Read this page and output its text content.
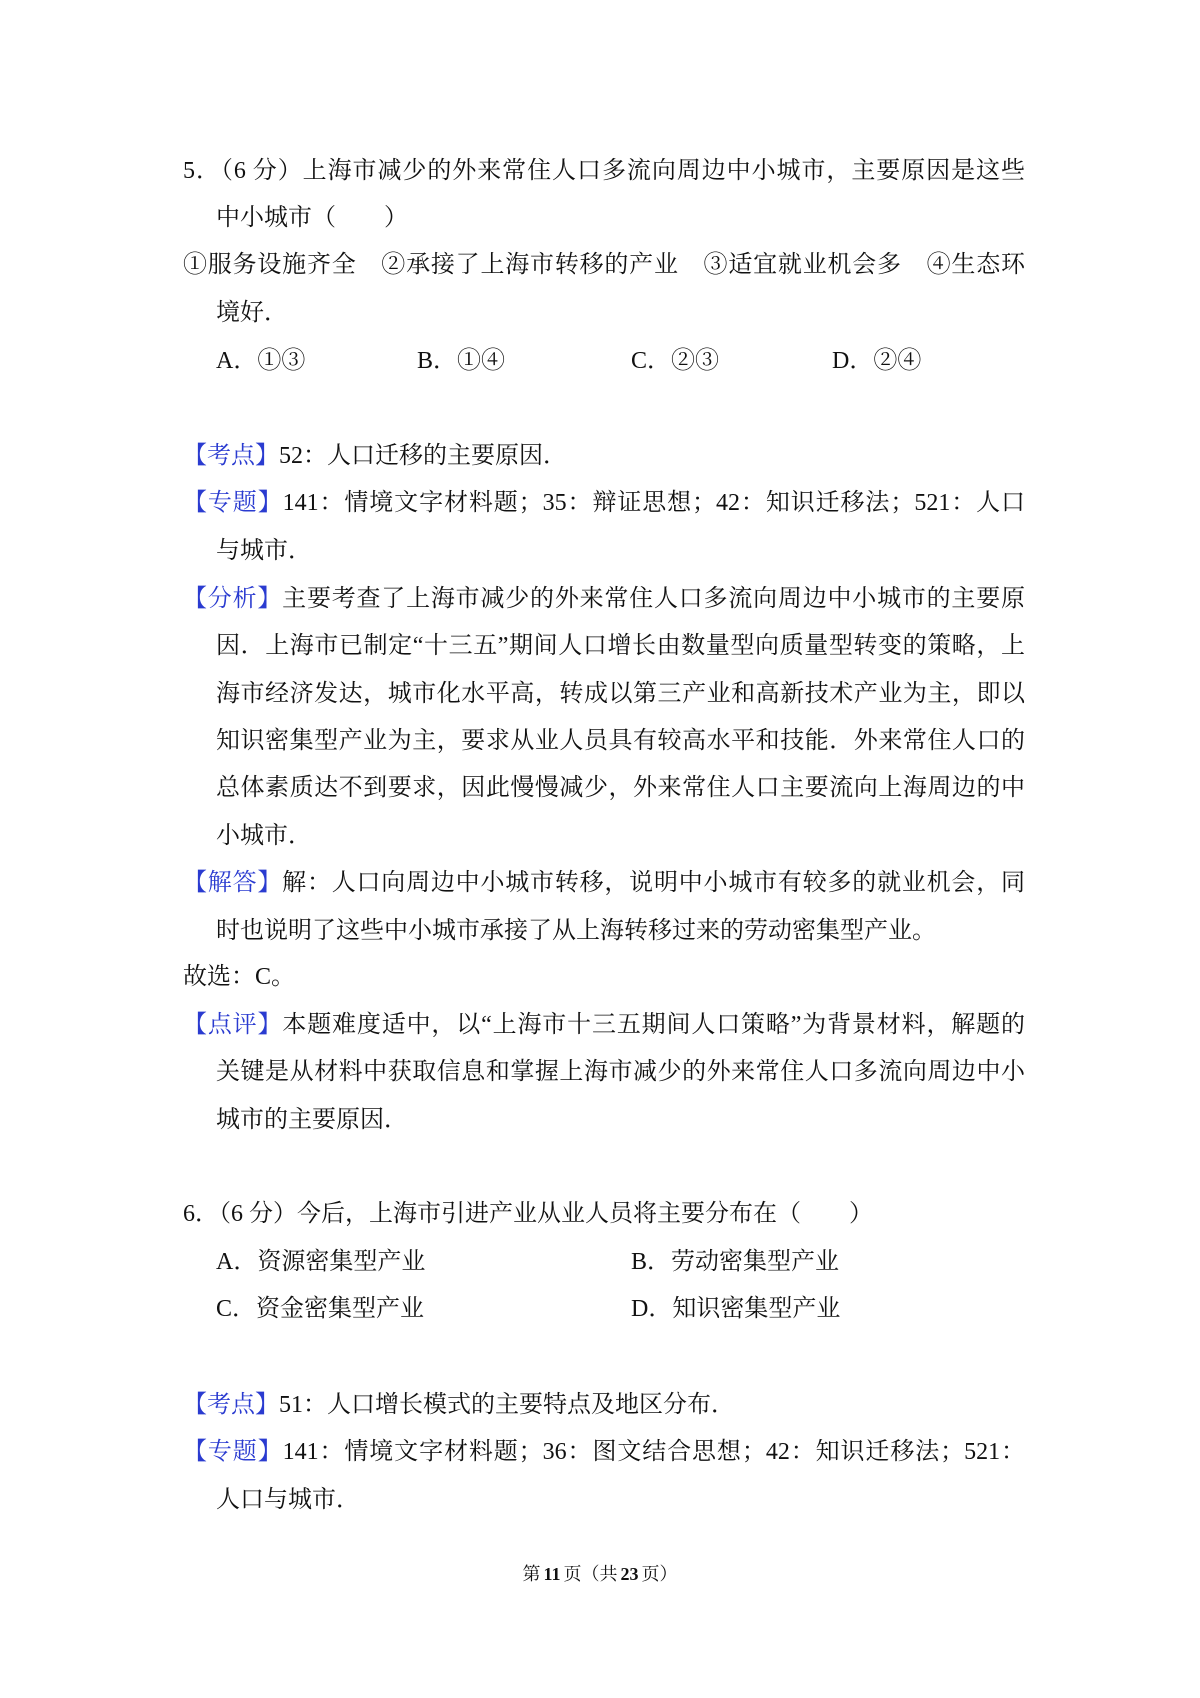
5．（6 分）上海市减少的外来常住人口多流向周边中小城市，主要原因是这些
中小城市（　　）
①服务设施齐全　②承接了上海市转移的产业　③适宜就业机会多　④生态环
境好．
A．①③	B．①④	C．②③	D．②④
【考点】52：人口迁移的主要原因．
【专题】141：情境文字材料题；35：辩证思想；42：知识迁移法；521：人口
与城市．
【分析】主要考查了上海市减少的外来常住人口多流向周边中小城市的主要原
因．上海市已制定“十三五”期间人口增长由数量型向质量型转变的策略，上
海市经济发达，城市化水平高，转成以第三产业和高新技术产业为主，即以
知识密集型产业为主，要求从业人员具有较高水平和技能．外来常住人口的
总体素质达不到要求，因此慢慢减少，外来常住人口主要流向上海周边的中
小城市．
【解答】解：人口向周边中小城市转移，说明中小城市有较多的就业机会，同
时也说明了这些中小城市承接了从上海转移过来的劳动密集型产业。
故选：C。
【点评】本题难度适中，以“上海市十三五期间人口策略”为背景材料，解题的
关键是从材料中获取信息和掌握上海市减少的外来常住人口多流向周边中小
城市的主要原因．
6．（6 分）今后，上海市引进产业从业人员将主要分布在（　　）
A．资源密集型产业	B．劳动密集型产业
C．资金密集型产业	D．知识密集型产业
【考点】51：人口增长模式的主要特点及地区分布．
【专题】141：情境文字材料题；36：图文结合思想；42：知识迁移法；521：
人口与城市．
第 11 页（共 23 页）
